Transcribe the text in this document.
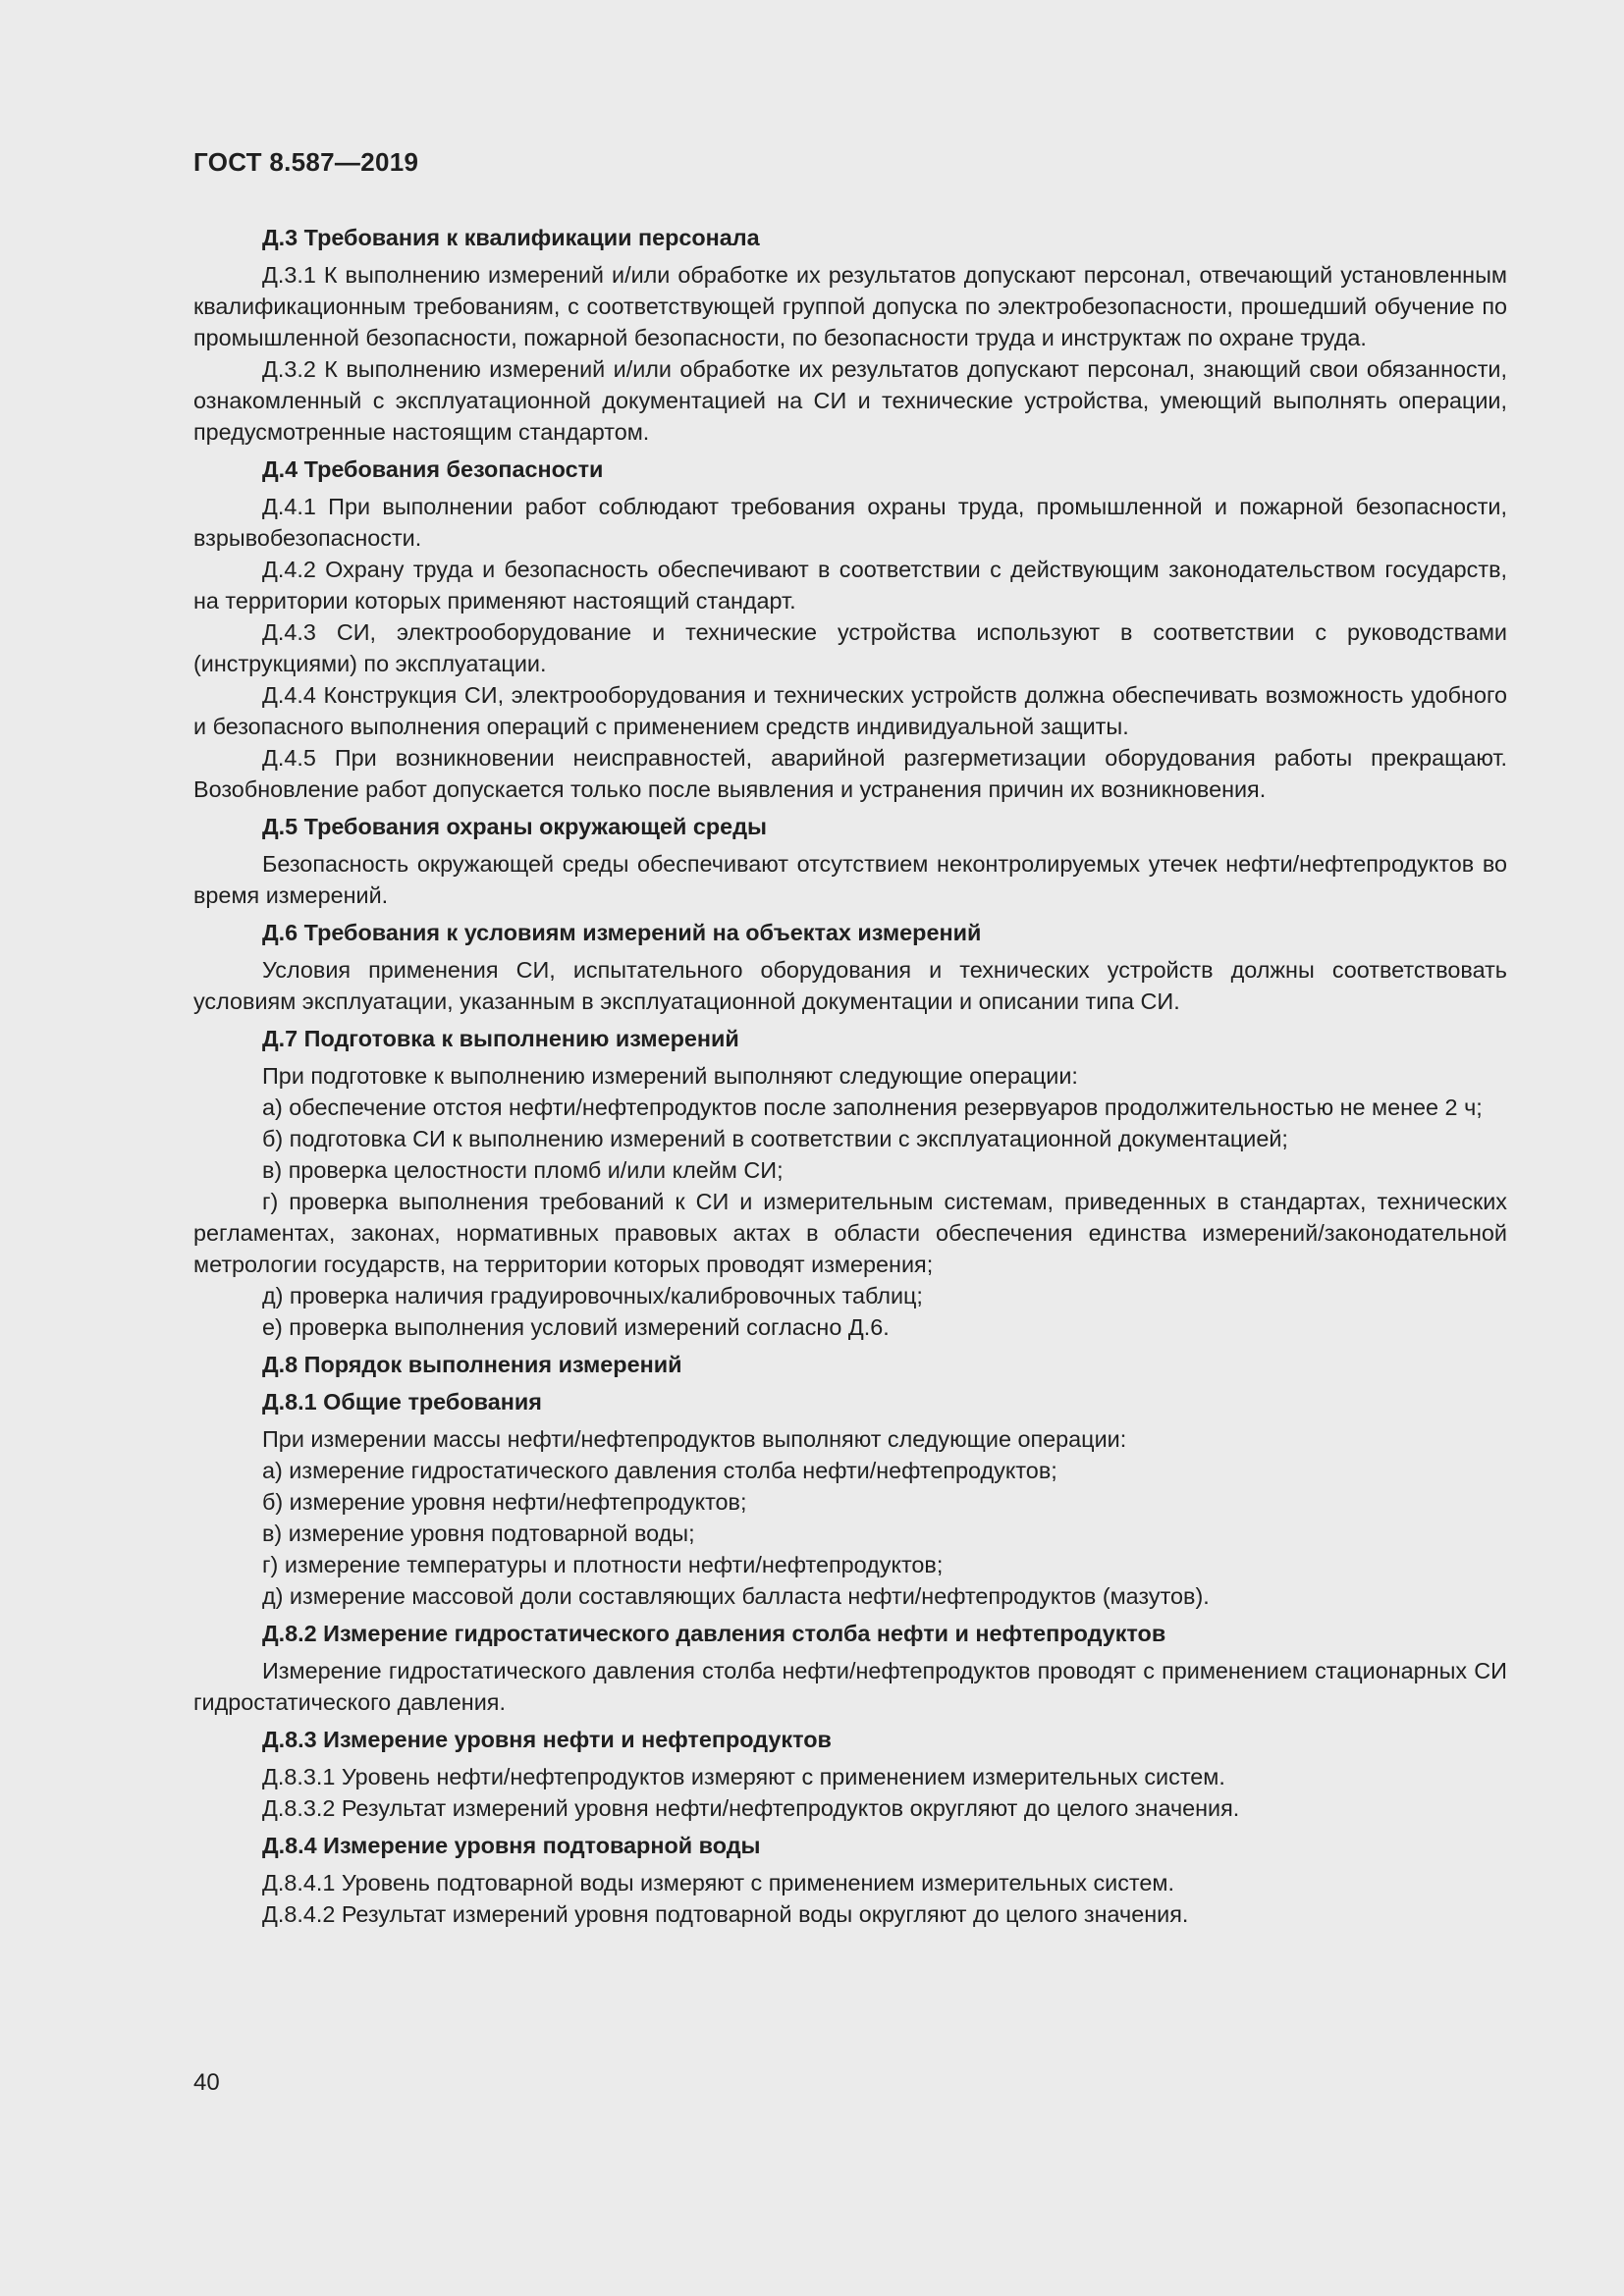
ГОСТ 8.587—2019

Д.3 Требования к квалификации персонала

Д.3.1 К выполнению измерений и/или обработке их результатов допускают персонал, отвечающий установленным квалификационным требованиям, с соответствующей группой допуска по электробезопасности, прошедший обучение по промышленной безопасности, пожарной безопасности, по безопасности труда и инструктаж по охране труда.

Д.3.2 К выполнению измерений и/или обработке их результатов допускают персонал, знающий свои обязанности, ознакомленный с эксплуатационной документацией на СИ и технические устройства, умеющий выполнять операции, предусмотренные настоящим стандартом.

Д.4 Требования безопасности

Д.4.1 При выполнении работ соблюдают требования охраны труда, промышленной и пожарной безопасности, взрывобезопасности.

Д.4.2 Охрану труда и безопасность обеспечивают в соответствии с действующим законодательством государств, на территории которых применяют настоящий стандарт.

Д.4.3 СИ, электрооборудование и технические устройства используют в соответствии с руководствами (инструкциями) по эксплуатации.

Д.4.4 Конструкция СИ, электрооборудования и технических устройств должна обеспечивать возможность удобного и безопасного выполнения операций с применением средств индивидуальной защиты.

Д.4.5 При возникновении неисправностей, аварийной разгерметизации оборудования работы прекращают. Возобновление работ допускается только после выявления и устранения причин их возникновения.

Д.5 Требования охраны окружающей среды

Безопасность окружающей среды обеспечивают отсутствием неконтролируемых утечек нефти/нефтепродуктов во время измерений.

Д.6 Требования к условиям измерений на объектах измерений

Условия применения СИ, испытательного оборудования и технических устройств должны соответствовать условиям эксплуатации, указанным в эксплуатационной документации и описании типа СИ.

Д.7 Подготовка к выполнению измерений

При подготовке к выполнению измерений выполняют следующие операции:

а) обеспечение отстоя нефти/нефтепродуктов после заполнения резервуаров продолжительностью не менее 2 ч;

б) подготовка СИ к выполнению измерений в соответствии с эксплуатационной документацией;

в) проверка целостности пломб и/или клейм СИ;

г) проверка выполнения требований к СИ и измерительным системам, приведенных в стандартах, технических регламентах, законах, нормативных правовых актах в области обеспечения единства измерений/законодательной метрологии государств, на территории которых проводят измерения;

д) проверка наличия градуировочных/калибровочных таблиц;

е) проверка выполнения условий измерений согласно Д.6.

Д.8 Порядок выполнения измерений

Д.8.1 Общие требования

При измерении массы нефти/нефтепродуктов выполняют следующие операции:

а) измерение гидростатического давления столба нефти/нефтепродуктов;

б) измерение уровня нефти/нефтепродуктов;

в) измерение уровня подтоварной воды;

г) измерение температуры и плотности нефти/нефтепродуктов;

д) измерение массовой доли составляющих балласта нефти/нефтепродуктов (мазутов).

Д.8.2 Измерение гидростатического давления столба нефти и нефтепродуктов

Измерение гидростатического давления столба нефти/нефтепродуктов проводят с применением стационарных СИ гидростатического давления.

Д.8.3 Измерение уровня нефти и нефтепродуктов

Д.8.3.1 Уровень нефти/нефтепродуктов измеряют с применением измерительных систем.

Д.8.3.2 Результат измерений уровня нефти/нефтепродуктов округляют до целого значения.

Д.8.4 Измерение уровня подтоварной воды

Д.8.4.1 Уровень подтоварной воды измеряют с применением измерительных систем.

Д.8.4.2 Результат измерений уровня подтоварной воды округляют до целого значения.

40
